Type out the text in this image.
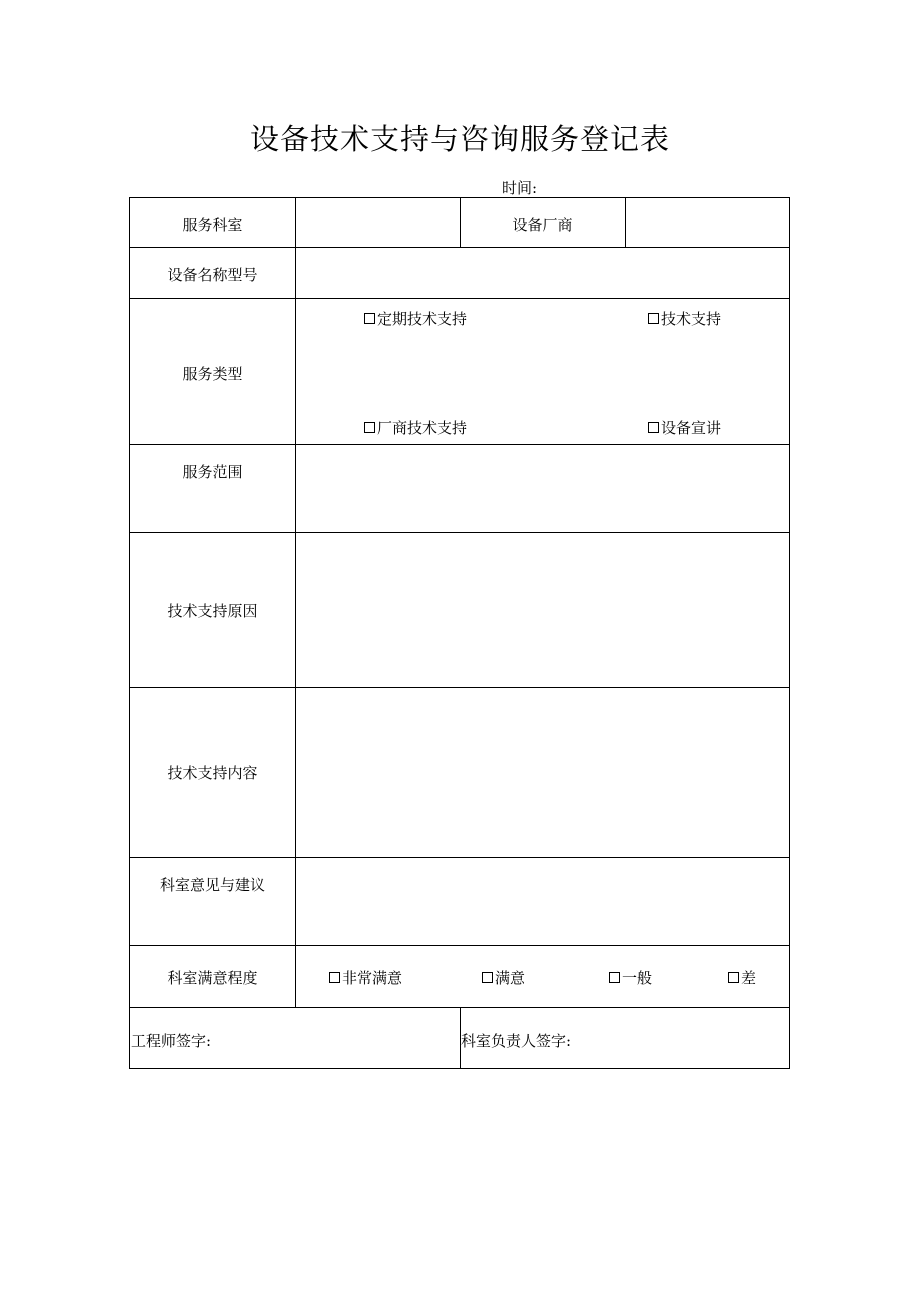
设备技术支持与咨询服务登记表
时间:
服务科室	设备厂商
设备名称型号
服务类型
定期技术支持	技术支持
厂商技术支持	设备宣讲
服务范围
技术支持原因
技术支持内容
科室意见与建议
科室满意程度	非常满意	满意	一般	差
工程师签字:	科室负责人签字:
